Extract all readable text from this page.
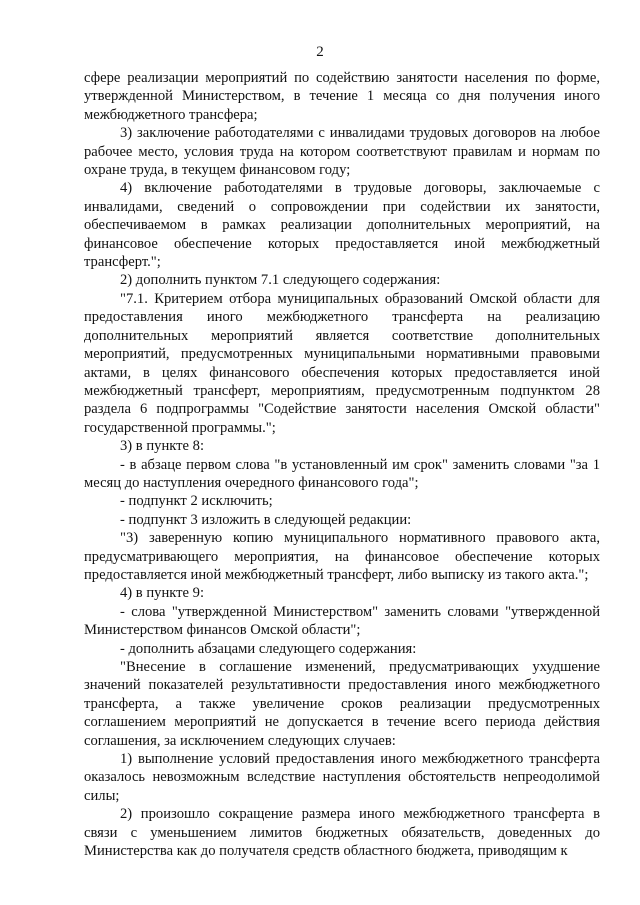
2

сфере реализации мероприятий по содействию занятости населения по форме, утвержденной Министерством, в течение 1 месяца со дня получения иного межбюджетного трансфера;

3) заключение работодателями с инвалидами трудовых договоров на любое рабочее место, условия труда на котором соответствуют правилам и нормам по охране труда, в текущем финансовом году;

4) включение работодателями в трудовые договоры, заключаемые с инвалидами, сведений о сопровождении при содействии их занятости, обеспечиваемом в рамках реализации дополнительных мероприятий, на финансовое обеспечение которых предоставляется иной межбюджетный трансферт.";

2) дополнить пунктом 7.1 следующего содержания:

"7.1. Критерием отбора муниципальных образований Омской области для предоставления иного межбюджетного трансферта на реализацию дополнительных мероприятий является соответствие дополнительных мероприятий, предусмотренных муниципальными нормативными правовыми актами, в целях финансового обеспечения которых предоставляется иной межбюджетный трансферт, мероприятиям, предусмотренным подпунктом 28 раздела 6 подпрограммы "Содействие занятости населения Омской области" государственной программы.";

3) в пункте 8:

- в абзаце первом слова "в установленный им срок" заменить словами "за 1 месяц до наступления очередного финансового года";

- подпункт 2 исключить;

- подпункт 3 изложить в следующей редакции:

"3) заверенную копию муниципального нормативного правового акта, предусматривающего мероприятия, на финансовое обеспечение которых предоставляется иной межбюджетный трансферт, либо выписку из такого акта.";

4) в пункте 9:

- слова "утвержденной Министерством" заменить словами "утвержденной Министерством финансов Омской области";

- дополнить абзацами следующего содержания:

"Внесение в соглашение изменений, предусматривающих ухудшение значений показателей результативности предоставления иного межбюджетного трансферта, а также увеличение сроков реализации предусмотренных соглашением мероприятий не допускается в течение всего периода действия соглашения, за исключением следующих случаев:

1) выполнение условий предоставления иного межбюджетного трансферта оказалось невозможным вследствие наступления обстоятельств непреодолимой силы;

2) произошло сокращение размера иного межбюджетного трансферта в связи с уменьшением лимитов бюджетных обязательств, доведенных до Министерства как до получателя средств областного бюджета, приводящим к
